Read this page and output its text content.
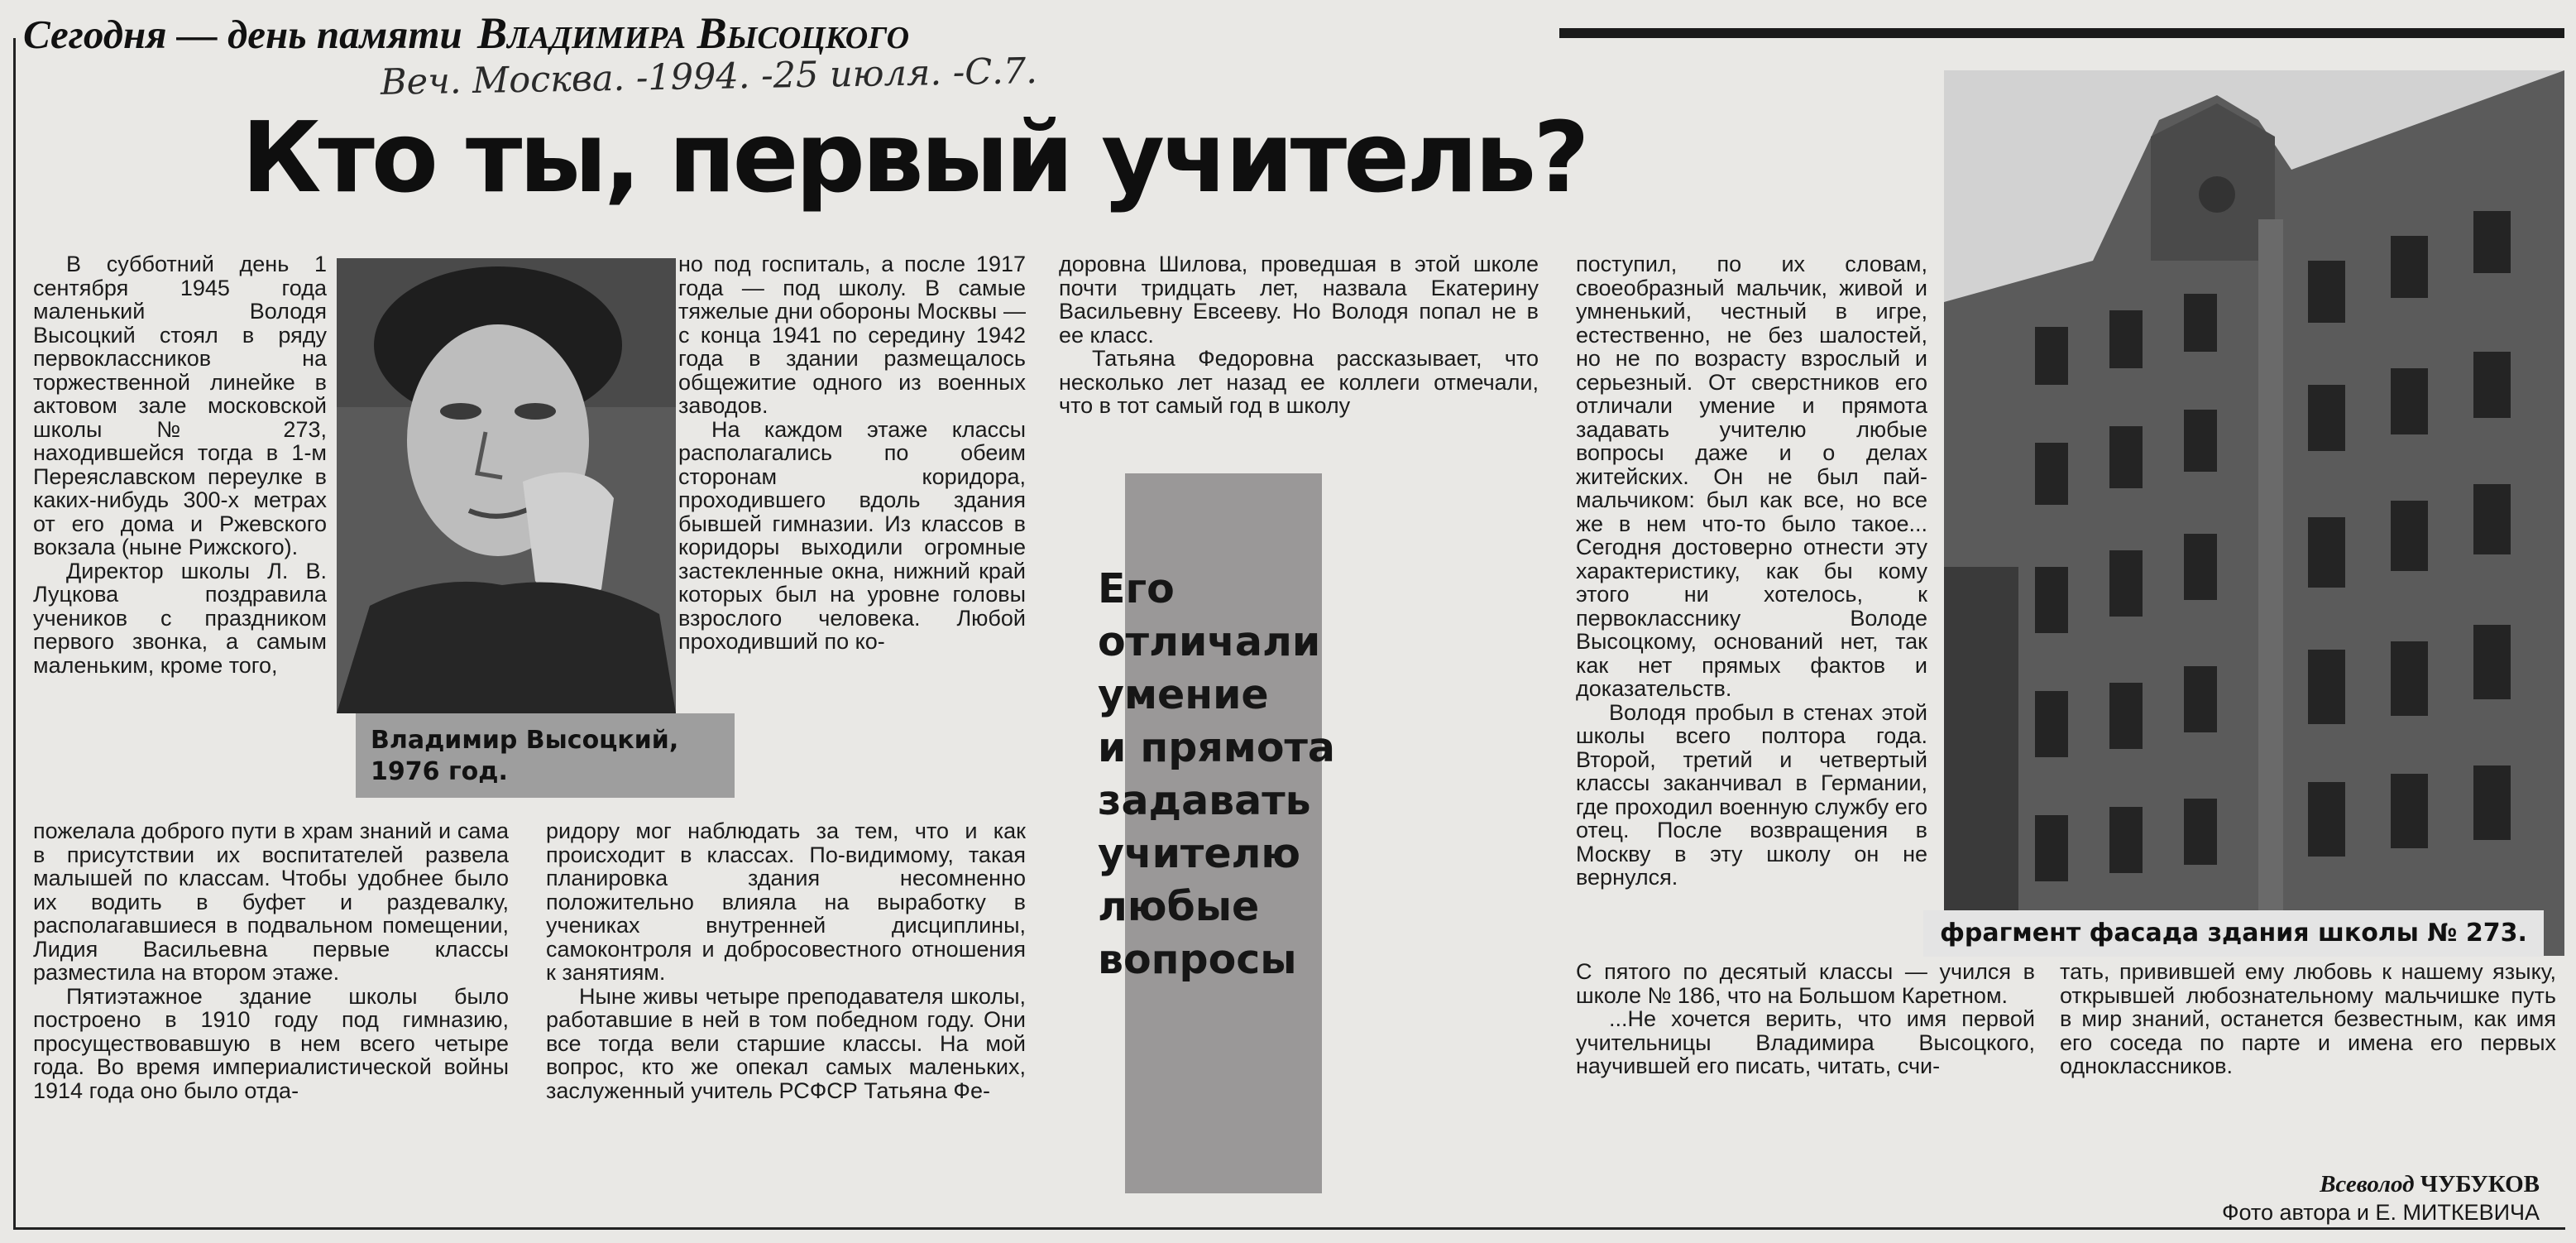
Сегодня — день памяти Владимира Высоцкого
Веч. Москва. -1994. -25 июля. -С.7.
Кто ты, первый учитель?
Владимир Высоцкий,
1976 год.
Его
отличали
умение
и прямота
задавать
учителю
любые
вопросы
фрагмент фасада здания школы № 273.

В субботний день 1 сентября 1945 года маленький Володя Высоцкий стоял в ряду первоклассников на торжественной линейке в актовом зале московской школы № 273, находившейся тогда в 1-м Переяславском переулке в каких-нибудь 300-х метрах от его дома и Ржевского вокзала (ныне Рижского).

Директор школы Л. В. Луцкова поздравила учеников с праздником первого звонка, а самым маленьким, кроме того,

пожелала доброго пути в храм знаний и сама в присутствии их воспитателей развела малышей по классам. Чтобы удобнее было их водить в буфет и раздевалку, располагавшиеся в подвальном помещении, Лидия Васильевна первые классы разместила на втором этаже.

Пятиэтажное здание школы было построено в 1910 году под гимназию, просуществовавшую в нем всего четыре года. Во время империалистической войны 1914 года оно было отда-

но под госпиталь, а после 1917 года — под школу. В самые тяжелые дни обороны Москвы — с конца 1941 по середину 1942 года в здании размещалось общежитие одного из военных заводов.

На каждом этаже классы располагались по обеим сторонам коридора, проходившего вдоль здания бывшей гимназии. Из классов в коридоры выходили огромные застекленные окна, нижний край которых был на уровне головы взрослого человека. Любой проходивший по ко-

ридору мог наблюдать за тем, что и как происходит в классах. По-видимому, такая планировка здания несомненно положительно влияла на выработку в учениках внутренней дисциплины, самоконтроля и добросовестного отношения к занятиям.

Ныне живы четыре преподавателя школы, работавшие в ней в том победном году. Они все тогда вели старшие классы. На мой вопрос, кто же опекал самых маленьких, заслуженный учитель РСФСР Татьяна Фе-

доровна Шилова, проведшая в этой школе почти тридцать лет, назвала Екатерину Васильевну Евсееву. Но Володя попал не в ее класс.

Татьяна Федоровна рассказывает, что несколько лет назад ее коллеги отмечали, что в тот самый год в школу

поступил, по их словам, своеобразный мальчик, живой и умненький, честный в игре, естественно, не без шалостей, но не по возрасту взрослый и серьезный. От сверстников его отличали умение и прямота задавать учителю любые вопросы даже и о делах житейских. Он не был пай-мальчиком: был как все, но все же в нем что-то было такое... Сегодня достоверно отнести эту характеристику, как бы кому этого ни хотелось, к первокласснику Володе Высоцкому, оснований нет, так как нет прямых фактов и доказательств.

Володя пробыл в стенах этой школы всего полтора года. Второй, третий и четвертый классы заканчивал в Германии, где проходил военную службу его отец. После возвращения в Москву в эту школу он не вернулся.

С пятого по десятый классы — учился в школе № 186, что на Большом Каретном.

...Не хочется верить, что имя первой учительницы Владимира Высоцкого, научившей его писать, читать, счи-

тать, привившей ему любовь к нашему языку, открывшей любознательному мальчишке путь в мир знаний, останется безвестным, как имя его соседа по парте и имена его первых одноклассников.

Всеволод ЧУБУКОВ
Фото автора и Е. МИТКЕВИЧА
